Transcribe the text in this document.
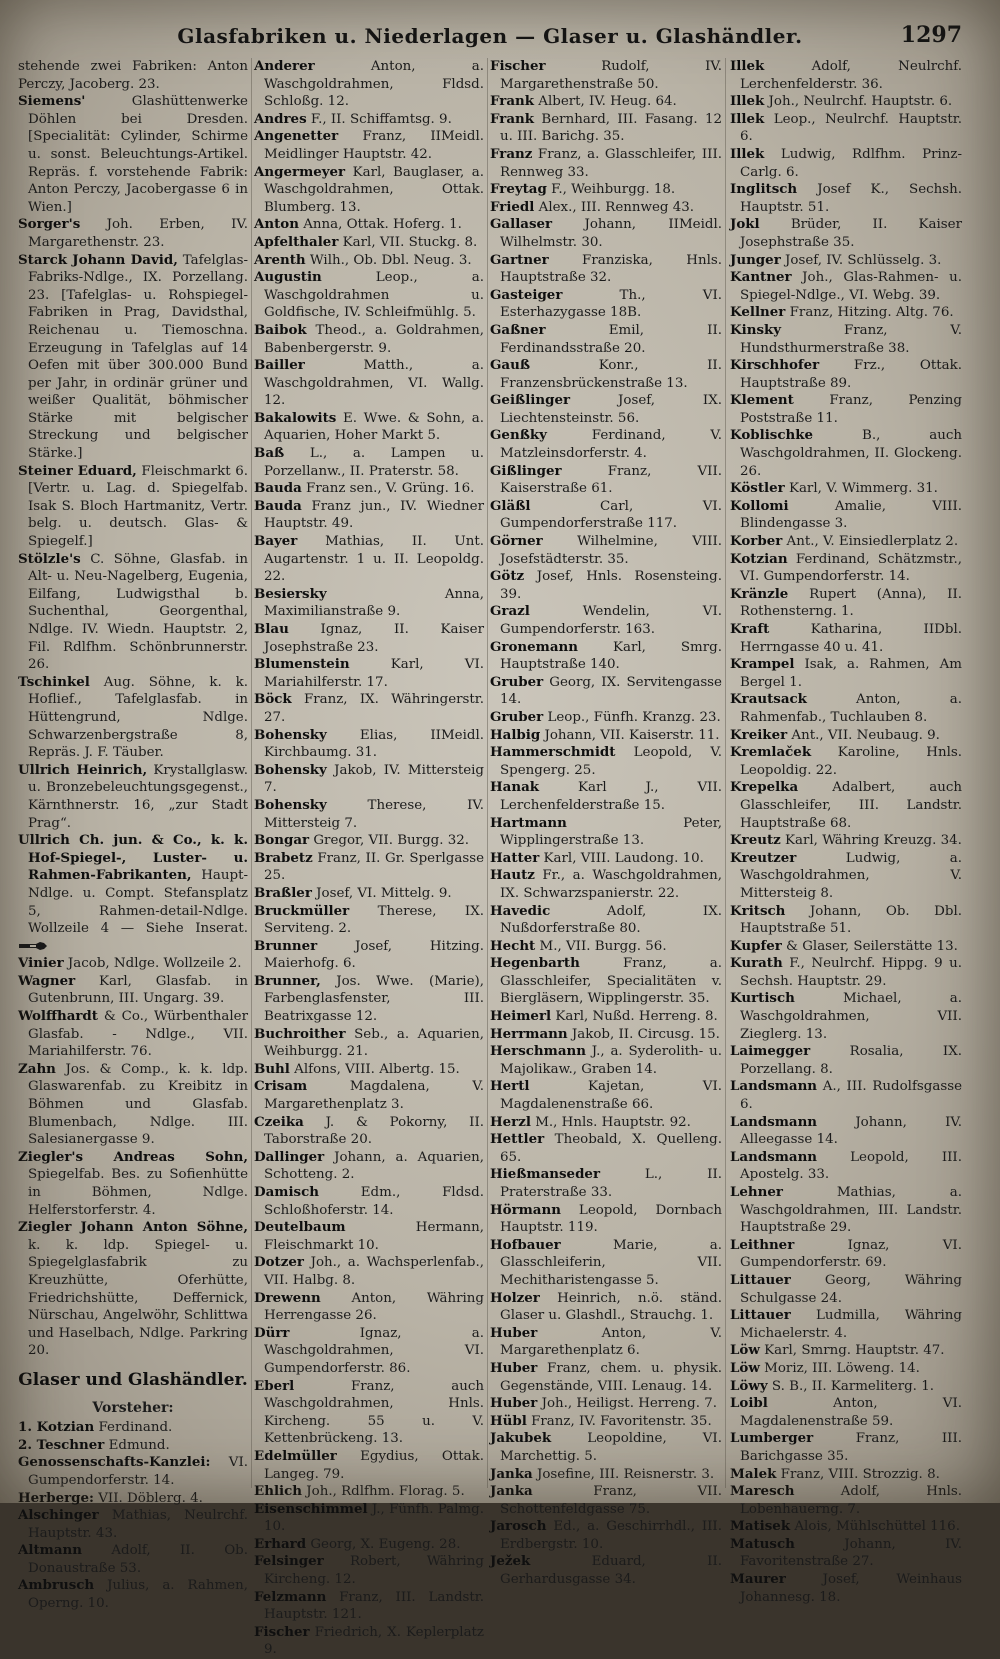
Glasfabriken u. Niederlagen — Glaser u. Glashändler.	1297

stehende zwei Fabriken: Anton Perczy, Jacoberg. 23.

Siemens'	Glashüttenwerke Döhlen bei Dresden. [Specialität: Cylinder, Schirme u. sonst. Beleuchtungs-Artikel. Repräs. f. vorstehende Fabrik: Anton Perczy, Jacobergasse 6 in Wien.]

Sorger's Joh. Erben, IV. Margarethenstr. 23.

Starck Johann David, Tafelglas-Fabriks-Ndlge., IX. Porzellang. 23. [Tafelglas- u. Rohspiegel-Fabriken in Prag, Davidsthal, Reichenau u. Tiemoschna. Erzeugung in Tafelglas auf 14 Oefen mit über 300.000 Bund per Jahr, in ordinär grüner und weißer Qualität, böhmischer Stärke mit belgischer Streckung und belgischer Stärke.]

Steiner Eduard, Fleischmarkt 6. [Vertr. u. Lag. d. Spiegelfab. Isak S. Bloch Hartmanitz, Vertr. belg. u. deutsch. Glas- & Spiegelf.]

Stölzle's C. Söhne, Glasfab. in Alt- u. Neu-Nagelberg, Eugenia, Eilfang, Ludwigsthal b. Suchenthal, Georgenthal, Ndlge. IV. Wiedn. Hauptstr. 2, Fil. Rdlfhm. Schönbrunnerstr. 26.

Tschinkel Aug. Söhne, k. k. Hoflief., Tafelglasfab. in Hüttengrund, Ndlge. Schwarzenbergstraße 8, Repräs. J. F. Täuber.

Ullrich Heinrich, Krystallglasw. u. Bronzebeleuchtungsgegenst., Kärnthnerstr. 16, „zur Stadt Prag“.

Ullrich Ch. jun. & Co., k. k. Hof-Spiegel-, Luster- u. Rahmen-Fabrikanten, Haupt-Ndlge. u. Compt. Stefansplatz 5, Rahmen-detail-Ndlge. Wollzeile 4 — Siehe Inserat.

Vinier Jacob, Ndlge. Wollzeile 2.

Wagner Karl, Glasfab. in Gutenbrunn, III. Ungarg. 39.

Wolffhardt & Co., Würbenthaler Glasfab. - Ndlge., VII. Mariahilferstr. 76.

Zahn Jos. & Comp., k. k. ldp. Glaswarenfab. zu Kreibitz in Böhmen und Glasfab. Blumenbach, Ndlge. III. Salesianergasse 9.

Ziegler's Andreas Sohn, Spiegelfab. Bes. zu Sofienhütte in Böhmen, Ndlge. Helferstorferstr. 4.

Ziegler Johann Anton Söhne, k. k. ldp. Spiegel- u. Spiegelglasfabrik zu Kreuzhütte, Oferhütte, Friedrichshütte, Deffernick, Nürschau, Angelwöhr, Schlittwa und Haselbach, Ndlge. Parkring 20.

Glaser und Glashändler.
Vorsteher:

1. Kotzian Ferdinand.

2. Teschner Edmund.

Genossenschafts-Kanzlei: VI. Gumpendorferstr. 14.

Herberge: VII. Döblerg. 4.

Alschinger Mathias, Neulrchf. Hauptstr. 43.

Altmann Adolf, II. Ob. Donaustraße 53.

Ambrusch Julius, a. Rahmen, Operng. 10.

Anderer	Anton, a. Waschgoldrahmen, Fldsd. Schloßg. 12.

Andres F., II. Schiffamtsg. 9.

Angenetter Franz, IIMeidl. Meidlinger Hauptstr. 42.

Angermeyer Karl, Bauglaser, a. Waschgoldrahmen, Ottak. Blumberg. 13.

Anton Anna, Ottak. Hoferg. 1.

Apfelthaler Karl, VII. Stuckg. 8.

Arenth Wilh., Ob. Dbl. Neug. 3.

Augustin	Leop., a. Waschgoldrahmen u. Goldfische, IV. Schleifmühlg. 5.

Baibok Theod., a. Goldrahmen, Babenbergerstr. 9.

Bailler	Matth., a. Waschgoldrahmen, VI. Wallg. 12.

Bakalowits E. Wwe. & Sohn, a. Aquarien, Hoher Markt 5.

Baß L., a. Lampen u. Porzellanw., II. Praterstr. 58.

Bauda Franz sen., V. Grüng. 16.

Bauda Franz jun., IV. Wiedner Hauptstr. 49.

Bayer Mathias, II. Unt. Augartenstr. 1 u. II. Leopoldg. 22.

Besiersky	Anna, Maximilianstraße 9.

Blau Ignaz, II. Kaiser Josephstraße 23.

Blumenstein	Karl, VI. Mariahilferstr. 17.

Böck Franz, IX. Währingerstr. 27.

Bohensky Elias, IIMeidl. Kirchbaumg. 31.

Bohensky Jakob, IV. Mittersteig 7.

Bohensky	Therese, IV. Mittersteig 7.

Bongar Gregor, VII. Burgg. 32.

Brabetz Franz, II. Gr. Sperlgasse 25.

Braßler Josef, VI. Mittelg. 9.

Bruckmüller Therese, IX. Serviteng. 2.

Brunner	Josef, Hitzing. Maierhofg. 6.

Brunner, Jos. Wwe. (Marie), Farbenglasfenster, III. Beatrixgasse 12.

Buchroither Seb., a. Aquarien, Weihburgg. 21.

Buhl Alfons, VIII. Albertg. 15.

Crisam	Magdalena, V. Margarethenplatz 3.

Czeika J. & Pokorny, II. Taborstraße 20.

Dallinger Johann, a. Aquarien, Schotteng. 2.

Damisch	Edm., Fldsd. Schloßhoferstr. 14.

Deutelbaum	Hermann, Fleischmarkt 10.

Dotzer Joh., a. Wachsperlenfab., VII. Halbg. 8.

Drewenn Anton, Währing Herrengasse 26.

Dürr	Ignaz, a. Waschgoldrahmen, VI. Gumpendorferstr. 86.

Eberl	Franz, auch Waschgoldrahmen, Hnls. Kircheng. 55 u. V. Kettenbrückeng. 13.

Edelmüller Egydius, Ottak. Langeg. 79.

Ehlich Joh., Rdlfhm. Florag. 5.

Eisenschimmel J., Fünfh. Palmg. 10.

Erhard Georg, X. Eugeng. 28.

Felsinger Robert, Währing Kircheng. 12.

Felzmann Franz, III. Landstr. Hauptstr. 121.

Fischer Friedrich, X. Keplerplatz 9.

Fischer	Rudolf, IV. Margarethenstraße 50.

Frank Albert, IV. Heug. 64.

Frank Bernhard, III. Fasang. 12 u. III. Barichg. 35.

Franz Franz, a. Glasschleifer, III. Rennweg 33.

Freytag F., Weihburgg. 18.

Friedl Alex., III. Rennweg 43.

Gallaser Johann, IIMeidl. Wilhelmstr. 30.

Gartner Franziska, Hnls. Hauptstraße 32.

Gasteiger	Th., VI. Esterhazygasse 18B.

Gaßner	Emil, II. Ferdinandsstraße 20.

Gauß	Konr., II. Franzensbrückenstraße 13.

Geißlinger	Josef, IX. Liechtensteinstr. 56.

Genßky	Ferdinand, V. Matzleinsdorferstr. 4.

Gißlinger	Franz, VII. Kaiserstraße 61.

Gläßl	Carl, VI. Gumpendorferstraße 117.

Görner	Wilhelmine, VIII. Josefstädterstr. 35.

Götz Josef, Hnls. Rosensteing. 39.

Grazl	Wendelin, VI. Gumpendorferstr. 163.

Gronemann	Karl, Smrg. Hauptstraße 140.

Gruber Georg, IX. Servitengasse 14.

Gruber Leop., Fünfh. Kranzg. 23.

Halbig Johann, VII. Kaiserstr. 11.

Hammerschmidt Leopold, V. Spengerg. 25.

Hanak	Karl J., VII. Lerchenfelderstraße 15.

Hartmann	Peter, Wipplingerstraße 13.

Hatter Karl, VIII. Laudong. 10.

Hautz Fr., a. Waschgoldrahmen, IX. Schwarzspanierstr. 22.

Havedic	Adolf, IX. Nußdorferstraße 80.

Hecht M., VII. Burgg. 56.

Hegenbarth	Franz, a. Glasschleifer, Specialitäten v. Biergläsern, Wipplingerstr. 35.

Heimerl Karl, Nußd. Herreng. 8.

Herrmann Jakob, II. Circusg. 15.

Herschmann J., a. Syderolith- u. Majolikaw., Graben 14.

Hertl	Kajetan, VI. Magdalenenstraße 66.

Herzl M., Hnls. Hauptstr. 92.

Hettler Theobald, X. Quelleng. 65.

Hießmanseder	L., II. Praterstraße 33.

Hörmann Leopold, Dornbach Hauptstr. 119.

Hofbauer	Marie, a. Glasschleiferin, VII. Mechitharistengasse 5.

Holzer Heinrich, n.ö. ständ. Glaser u. Glashdl., Strauchg. 1.

Huber	Anton, V. Margarethenplatz 6.

Huber Franz, chem. u. physik. Gegenstände, VIII. Lenaug. 14.

Huber Joh., Heiligst. Herreng. 7.

Hübl Franz, IV. Favoritenstr. 35.

Jakubek	Leopoldine, VI. Marchettig. 5.

Janka Josefine, III. Reisnerstr. 3.

Janka	Franz, VII. Schottenfeldgasse 75.

Jarosch Ed., a. Geschirrhdl., III. Erdbergstr. 10.

Ježek	Eduard, II. Gerhardusgasse 34.

Illek	Adolf, Neulrchf. Lerchenfelderstr. 36.

Illek Joh., Neulrchf. Hauptstr. 6.

Illek Leop., Neulrchf. Hauptstr. 6.

Illek Ludwig, Rdlfhm. Prinz-Carlg. 6.

Inglitsch Josef K., Sechsh. Hauptstr. 51.

Jokl Brüder, II. Kaiser Josephstraße 35.

Junger Josef, IV. Schlüsselg. 3.

Kantner Joh., Glas-Rahmen- u. Spiegel-Ndlge., VI. Webg. 39.

Kellner Franz, Hitzing. Altg. 76.

Kinsky	Franz, V. Hundsthurmerstraße 38.

Kirschhofer	Frz., Ottak. Hauptstraße 89.

Klement	Franz, Penzing Poststraße 11.

Koblischke	B., auch Waschgoldrahmen, II. Glockeng. 26.

Köstler Karl, V. Wimmerg. 31.

Kollomi	Amalie, VIII. Blindengasse 3.

Korber Ant., V. Einsiedlerplatz 2.

Kotzian Ferdinand, Schätzmstr., VI. Gumpendorferstr. 14.

Kränzle Rupert (Anna), II. Rothensterng. 1.

Kraft	Katharina, IIDbl. Herrngasse 40 u. 41.

Krampel Isak, a. Rahmen, Am Bergel 1.

Krautsack	Anton, a. Rahmenfab., Tuchlauben 8.

Kreiker Ant., VII. Neubaug. 9.

Kremlaček Karoline, Hnls. Leopoldig. 22.

Krepelka	Adalbert, auch Glasschleifer, III. Landstr. Hauptstraße 68.

Kreutz Karl, Währing Kreuzg. 34.

Kreutzer	Ludwig, a. Waschgoldrahmen, V. Mittersteig 8.

Kritsch Johann, Ob. Dbl. Hauptstraße 51.

Kupfer & Glaser, Seilerstätte 13.

Kurath F., Neulrchf. Hippg. 9 u. Sechsh. Hauptstr. 29.

Kurtisch	Michael, a. Waschgoldrahmen, VII. Zieglerg. 13.

Laimegger	Rosalia, IX. Porzellang. 8.

Landsmann A., III. Rudolfsgasse 6.

Landsmann	Johann, IV. Alleegasse 14.

Landsmann Leopold, III. Apostelg. 33.

Lehner	Mathias, a. Waschgoldrahmen, III. Landstr. Hauptstraße 29.

Leithner	Ignaz, VI. Gumpendorferstr. 69.

Littauer	Georg, Währing Schulgasse 24.

Littauer Ludmilla, Währing Michaelerstr. 4.

Löw Karl, Smrng. Hauptstr. 47.

Löw Moriz, III. Löweng. 14.

Löwy S. B., II. Karmeliterg. 1.

Loibl	Anton, VI. Magdalenenstraße 59.

Lumberger	Franz, III. Barichgasse 35.

Malek Franz, VIII. Strozzig. 8.

Maresch	Adolf, Hnls. Lobenhauerng. 7.

Matisek Alois, Mühlschüttel 116.

Matusch	Johann, IV. Favoritenstraße 27.

Maurer	Josef, Weinhaus Johannesg. 18.
